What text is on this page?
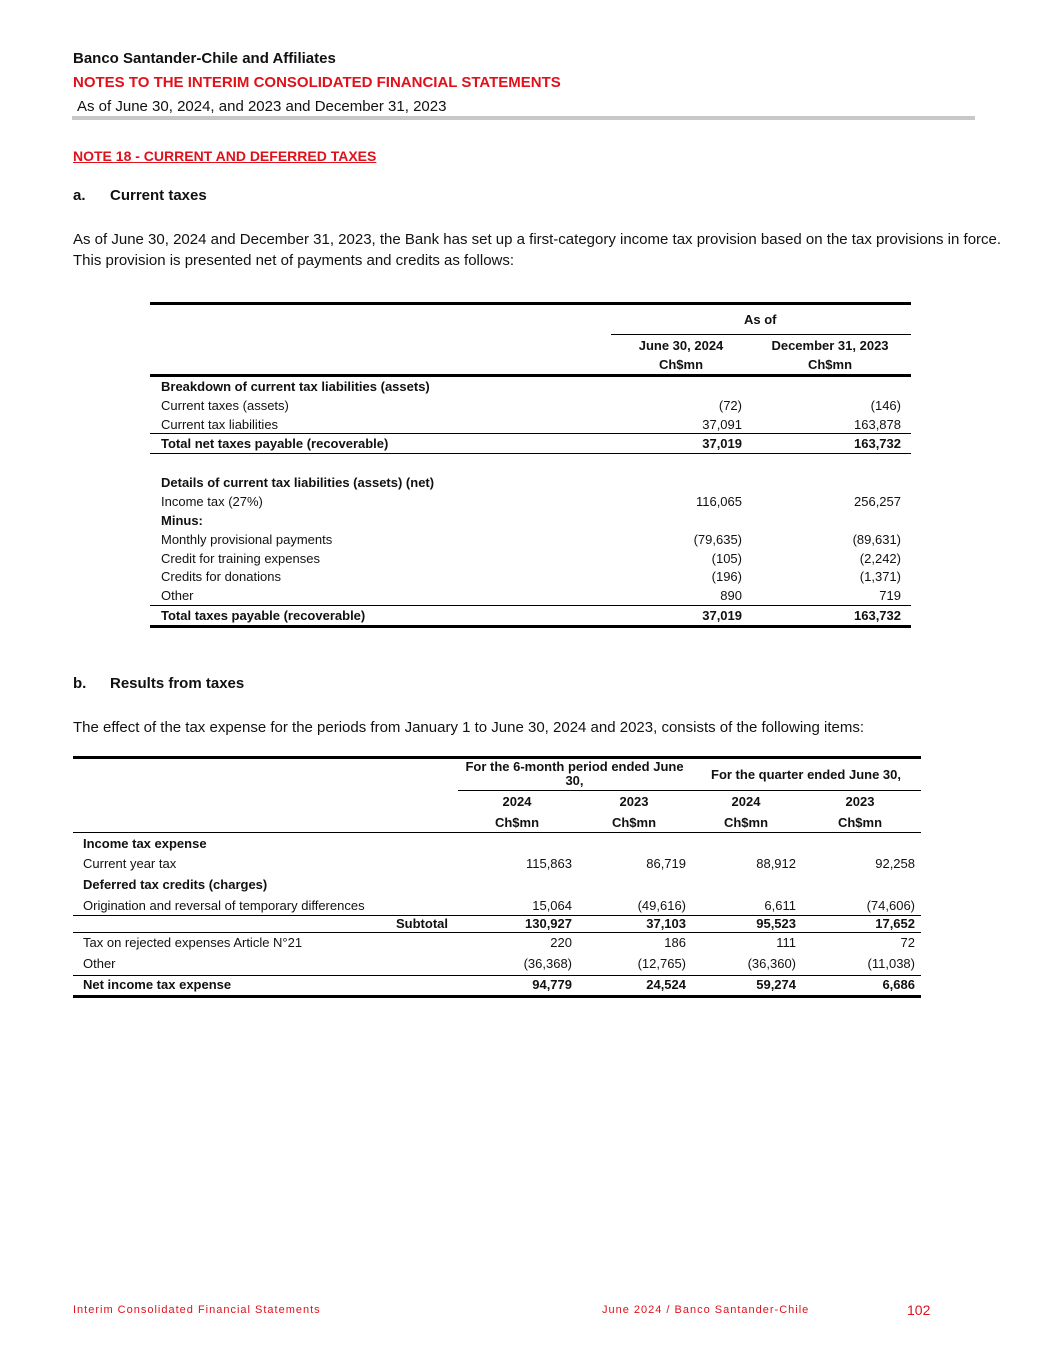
Banco Santander-Chile and Affiliates
NOTES TO THE INTERIM CONSOLIDATED FINANCIAL STATEMENTS
As of June 30, 2024, and 2023 and December 31, 2023
NOTE 18 - CURRENT AND DEFERRED TAXES
a. Current taxes
As of June 30, 2024 and December 31, 2023, the Bank has set up a first-category income tax provision based on the tax provisions in force. This provision is presented net of payments and credits as follows:
As of
June 30, 2024
Ch$mn
December 31, 2023
Ch$mn
Breakdown of current tax liabilities (assets)
Current taxes (assets)	(72)	(146)
Current tax liabilities	37,091	163,878
Total net taxes payable (recoverable)	37,019	163,732
Details of current tax liabilities (assets) (net)
Income tax (27%)	116,065	256,257
Minus:
Monthly provisional payments	(79,635)	(89,631)
Credit for training expenses	(105)	(2,242)
Credits for donations	(196)	(1,371)
Other	890	719
Total taxes payable (recoverable)	37,019	163,732
b. Results from taxes
The effect of the tax expense for the periods from January 1 to June 30, 2024 and 2023, consists of the following items:
For the 6-month period ended June 30,	For the quarter ended June 30,
2024	2023	2024	2023
Ch$mn	Ch$mn	Ch$mn	Ch$mn
Income tax expense
Current year tax	115,863	86,719	88,912	92,258
Deferred tax credits (charges)
Origination and reversal of temporary differences	15,064	(49,616)	6,611	(74,606)
Subtotal	130,927	37,103	95,523	17,652
Tax on rejected expenses Article N°21	220	186	111	72
Other	(36,368)	(12,765)	(36,360)	(11,038)
Net income tax expense	94,779	24,524	59,274	6,686
Interim Consolidated Financial Statements	June 2024 / Banco Santander-Chile	102
